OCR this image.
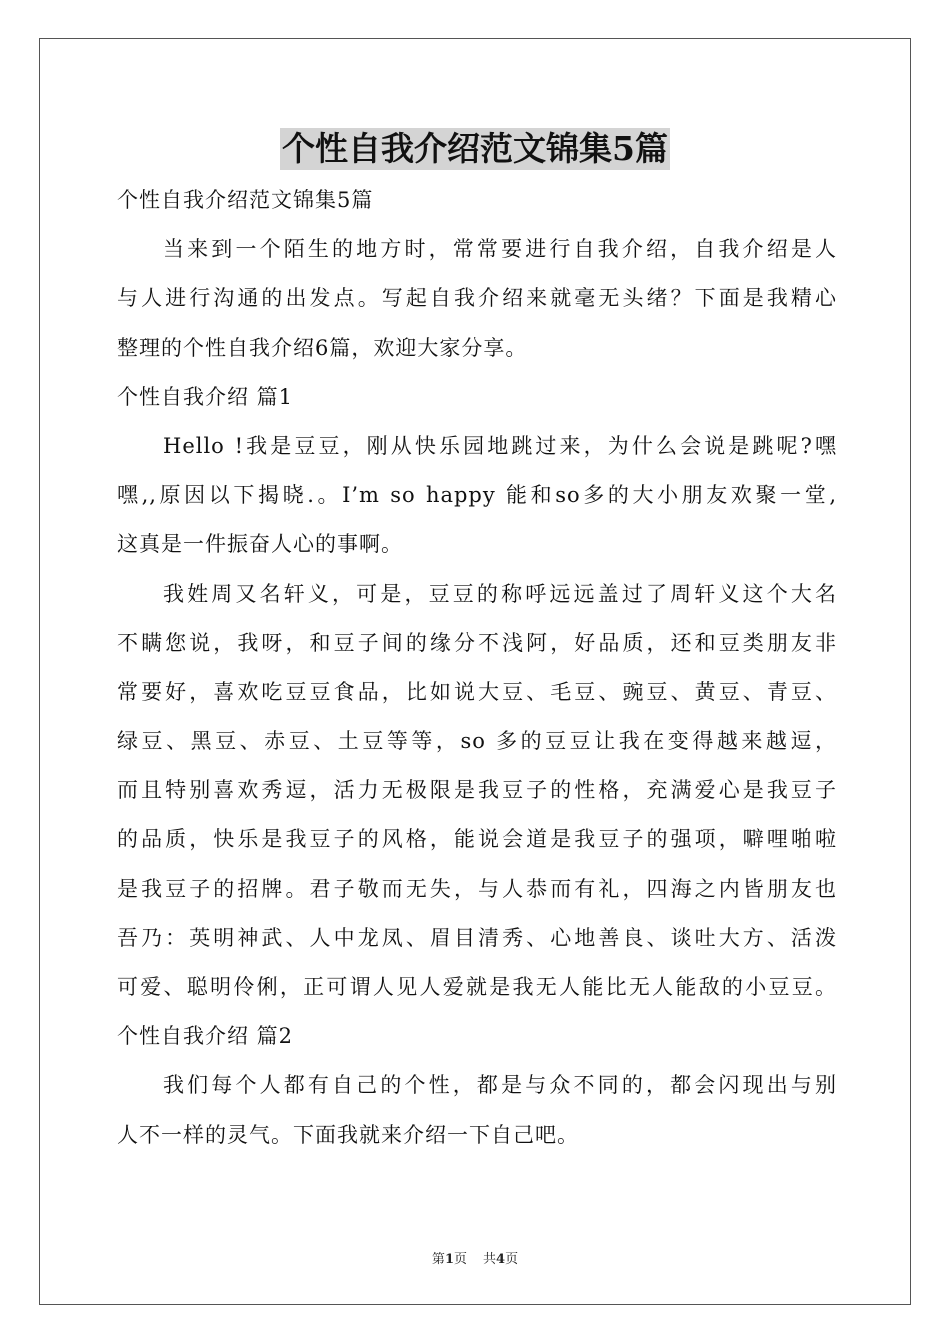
个性自我介绍范文锦集5篇
个性自我介绍范文锦集5篇
当来到一个陌生的地方时，常常要进行自我介绍，自我介绍是人
与人进行沟通的出发点。写起自我介绍来就毫无头绪？下面是我精心
整理的个性自我介绍6篇，欢迎大家分享。
个性自我介绍 篇1
Hello !我是豆豆，刚从快乐园地跳过来，为什么会说是跳呢?嘿
嘿,,原因以下揭晓.。I’m so happy 能和so多的大小朋友欢聚一堂,
这真是一件振奋人心的事啊。
我姓周又名轩义，可是，豆豆的称呼远远盖过了周轩义这个大名
不瞒您说，我呀，和豆子间的缘分不浅阿，好品质，还和豆类朋友非
常要好，喜欢吃豆豆食品，比如说大豆、毛豆、豌豆、黄豆、青豆、
绿豆、黑豆、赤豆、土豆等等，so 多的豆豆让我在变得越来越逗，
而且特别喜欢秀逗，活力无极限是我豆子的性格，充满爱心是我豆子
的品质，快乐是我豆子的风格，能说会道是我豆子的强项，噼哩啪啦
是我豆子的招牌。君子敬而无失，与人恭而有礼，四海之内皆朋友也
吾乃：英明神武、人中龙凤、眉目清秀、心地善良、谈吐大方、活泼
可爱、聪明伶俐，正可谓人见人爱就是我无人能比无人能敌的小豆豆。
个性自我介绍 篇2
我们每个人都有自己的个性，都是与众不同的，都会闪现出与别
人不一样的灵气。下面我就来介绍一下自己吧。
第1页 共4页
